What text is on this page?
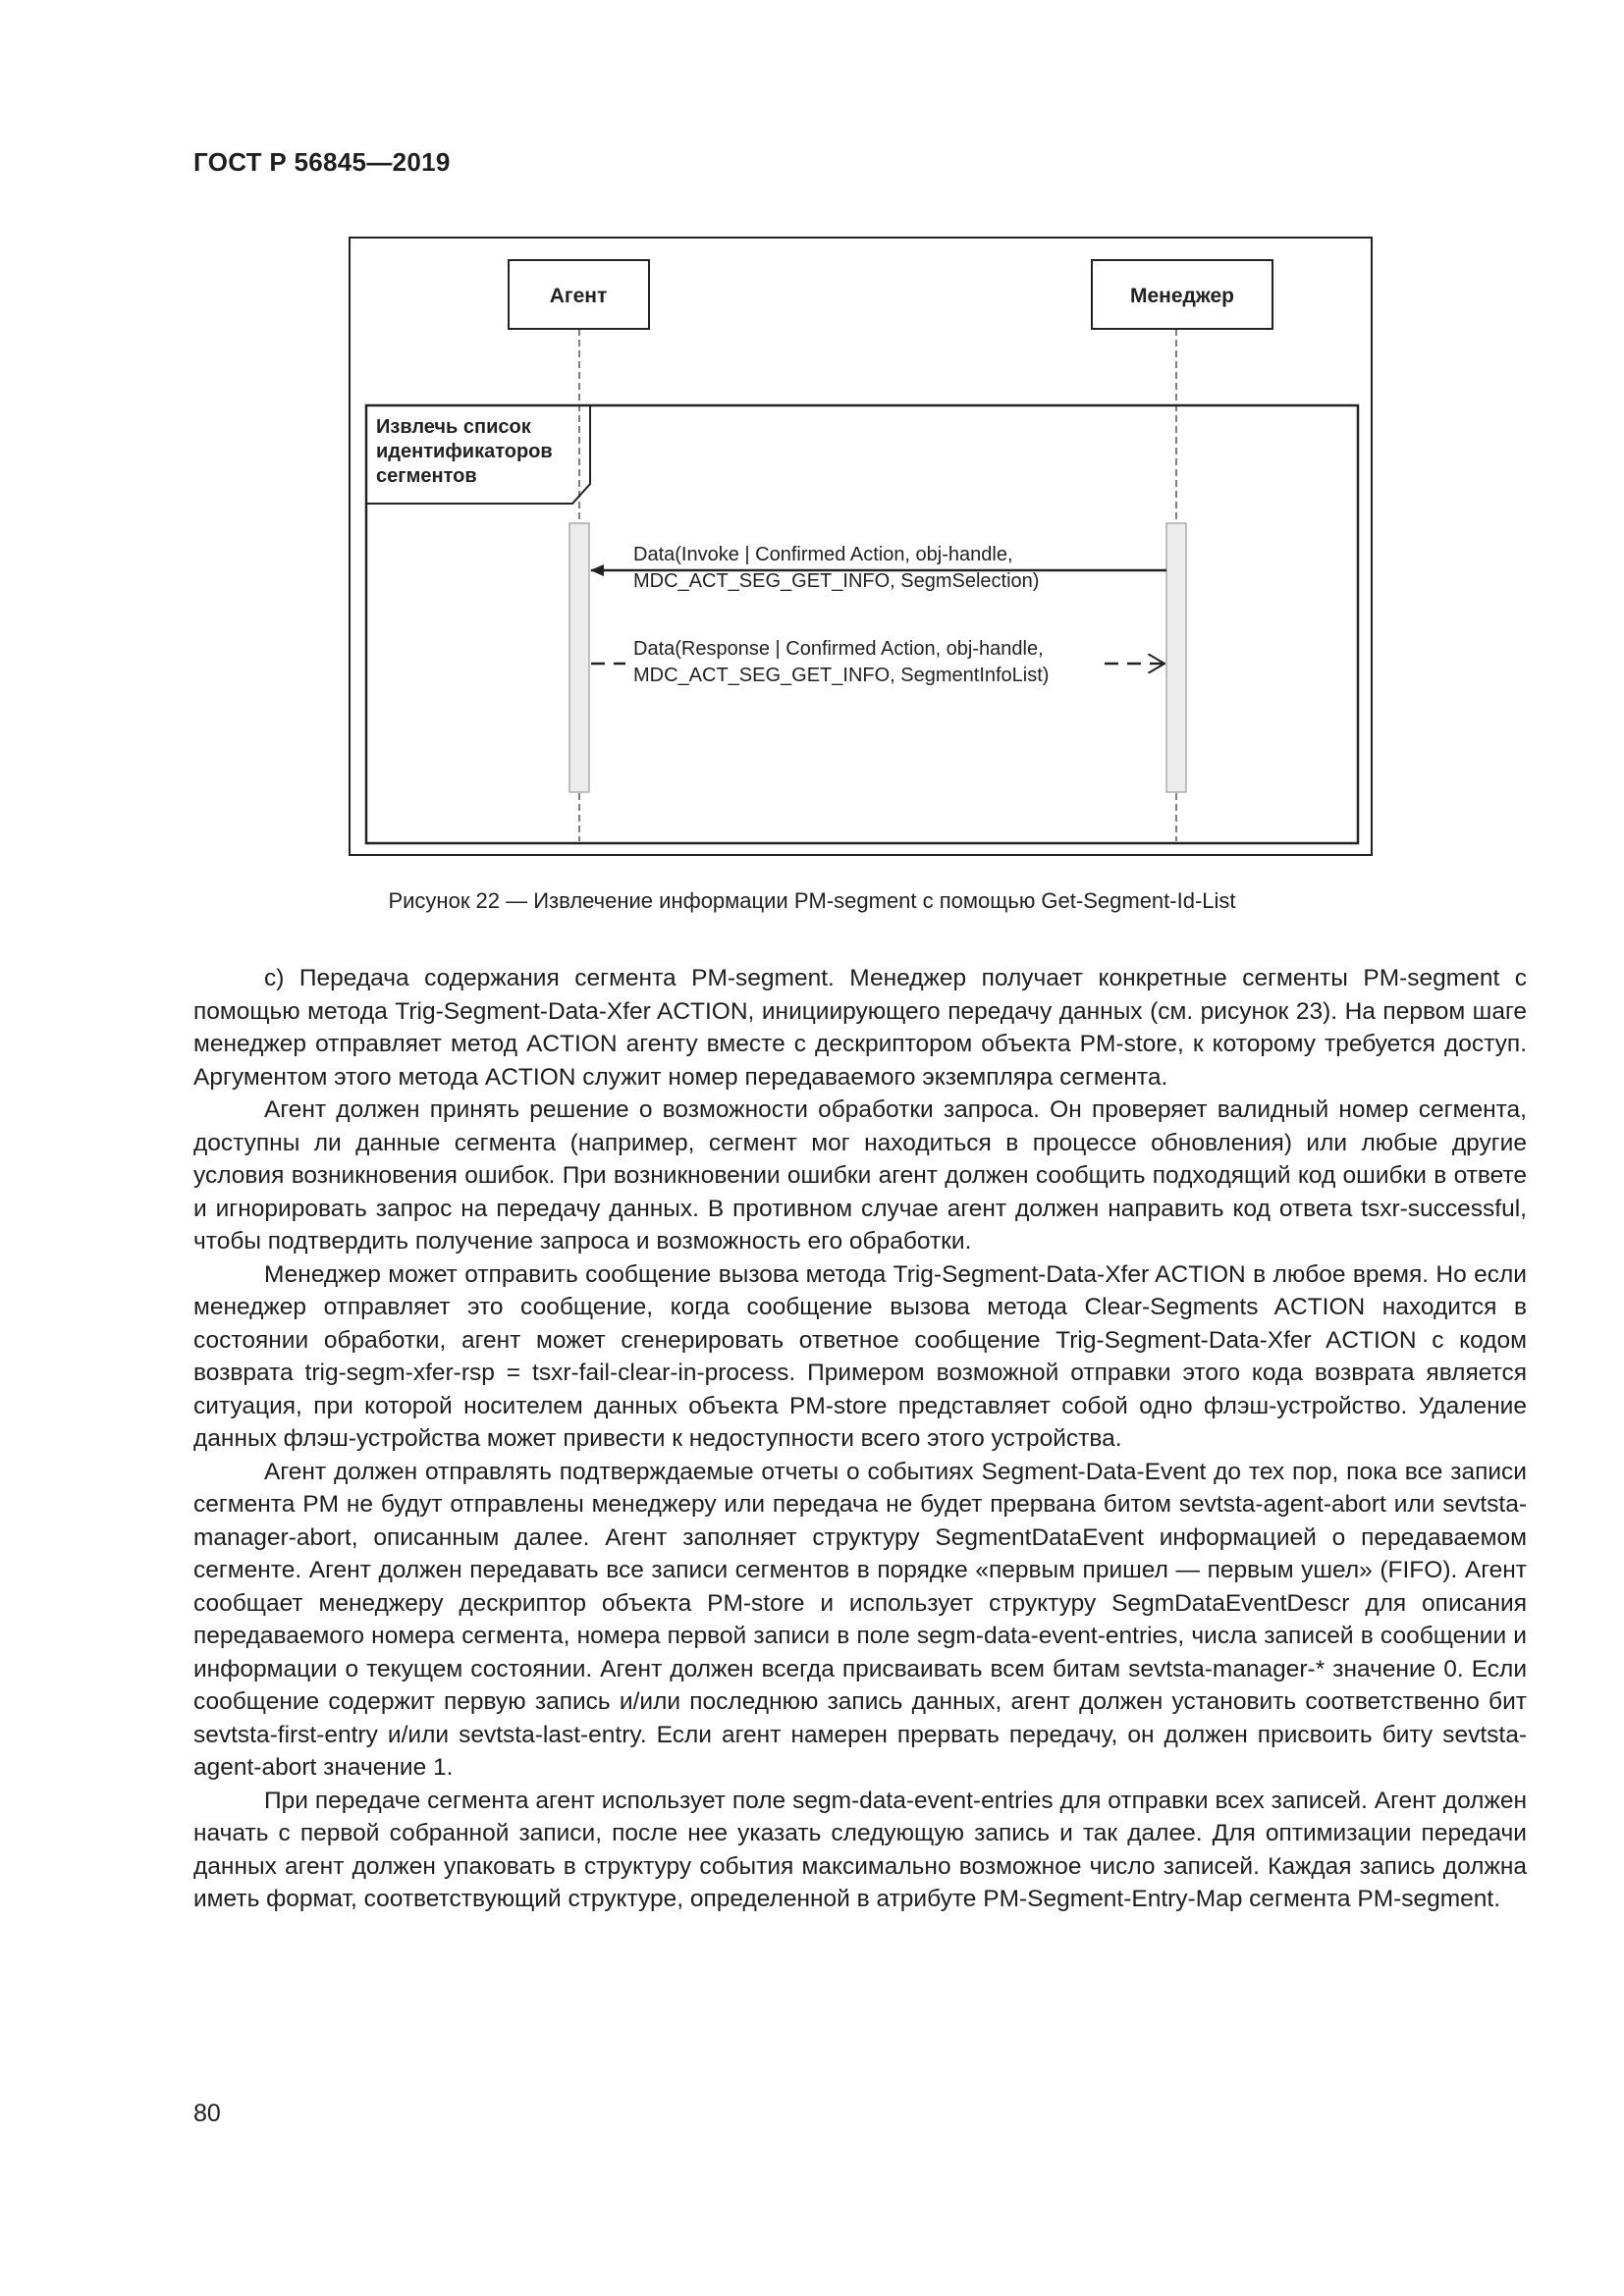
ГОСТ Р 56845—2019
Агент	Менеджер
Извлечь список идентификаторов сегментов
Data(Invoke | Confirmed Action, obj-handle, MDC_ACT_SEG_GET_INFO, SegmSelection)
Data(Response | Confirmed Action, obj-handle, MDC_ACT_SEG_GET_INFO, SegmentInfoList)
Рисунок 22 — Извлечение информации PM-segment с помощью Get-Segment-Id-List

с) Передача содержания сегмента PM-segment. Менеджер получает конкретные сегменты PM-segment с помощью метода Trig-Segment-Data-Xfer ACTION, инициирующего передачу данных (см. рисунок 23). На первом шаге менеджер отправляет метод ACTION агенту вместе с дескриптором объекта PM-store, к которому требуется доступ. Аргументом этого метода ACTION служит номер передаваемого экземпляра сегмента.

Агент должен принять решение о возможности обработки запроса. Он проверяет валидный номер сегмента, доступны ли данные сегмента (например, сегмент мог находиться в процессе обновления) или любые другие условия возникновения ошибок. При возникновении ошибки агент должен сообщить подходящий код ошибки в ответе и игнорировать запрос на передачу данных. В противном случае агент должен направить код ответа tsxr-successful, чтобы подтвердить получение запроса и возможность его обработки.

Менеджер может отправить сообщение вызова метода Trig-Segment-Data-Xfer ACTION в любое время. Но если менеджер отправляет это сообщение, когда сообщение вызова метода Clear-Segments ACTION находится в состоянии обработки, агент может сгенерировать ответное сообщение Trig-Segment-Data-Xfer ACTION с кодом возврата trig-segm-xfer-rsp = tsxr-fail-clear-in-process. Примером возможной отправки этого кода возврата является ситуация, при которой носителем данных объекта PM-store представляет собой одно флэш-устройство. Удаление данных флэш-устройства может привести к недоступности всего этого устройства.

Агент должен отправлять подтверждаемые отчеты о событиях Segment-Data-Event до тех пор, пока все записи сегмента PM не будут отправлены менеджеру или передача не будет прервана битом sevtsta-agent-abort или sevtsta-manager-abort, описанным далее. Агент заполняет структуру SegmentDataEvent информацией о передаваемом сегменте. Агент должен передавать все записи сегментов в порядке «первым пришел — первым ушел» (FIFO). Агент сообщает менеджеру дескриптор объекта PM-store и использует структуру SegmDataEventDescr для описания передаваемого номера сегмента, номера первой записи в поле segm-data-event-entries, числа записей в сообщении и информации о текущем состоянии. Агент должен всегда присваивать всем битам sevtsta-manager-* значение 0. Если сообщение содержит первую запись и/или последнюю запись данных, агент должен установить соответственно бит sevtsta-first-entry и/или sevtsta-last-entry. Если агент намерен прервать передачу, он должен присвоить биту sevtsta-agent-abort значение 1.

При передаче сегмента агент использует поле segm-data-event-entries для отправки всех записей. Агент должен начать с первой собранной записи, после нее указать следующую запись и так далее. Для оптимизации передачи данных агент должен упаковать в структуру события максимально возможное число записей. Каждая запись должна иметь формат, соответствующий структуре, определенной в атрибуте PM-Segment-Entry-Map сегмента PM-segment.

80
